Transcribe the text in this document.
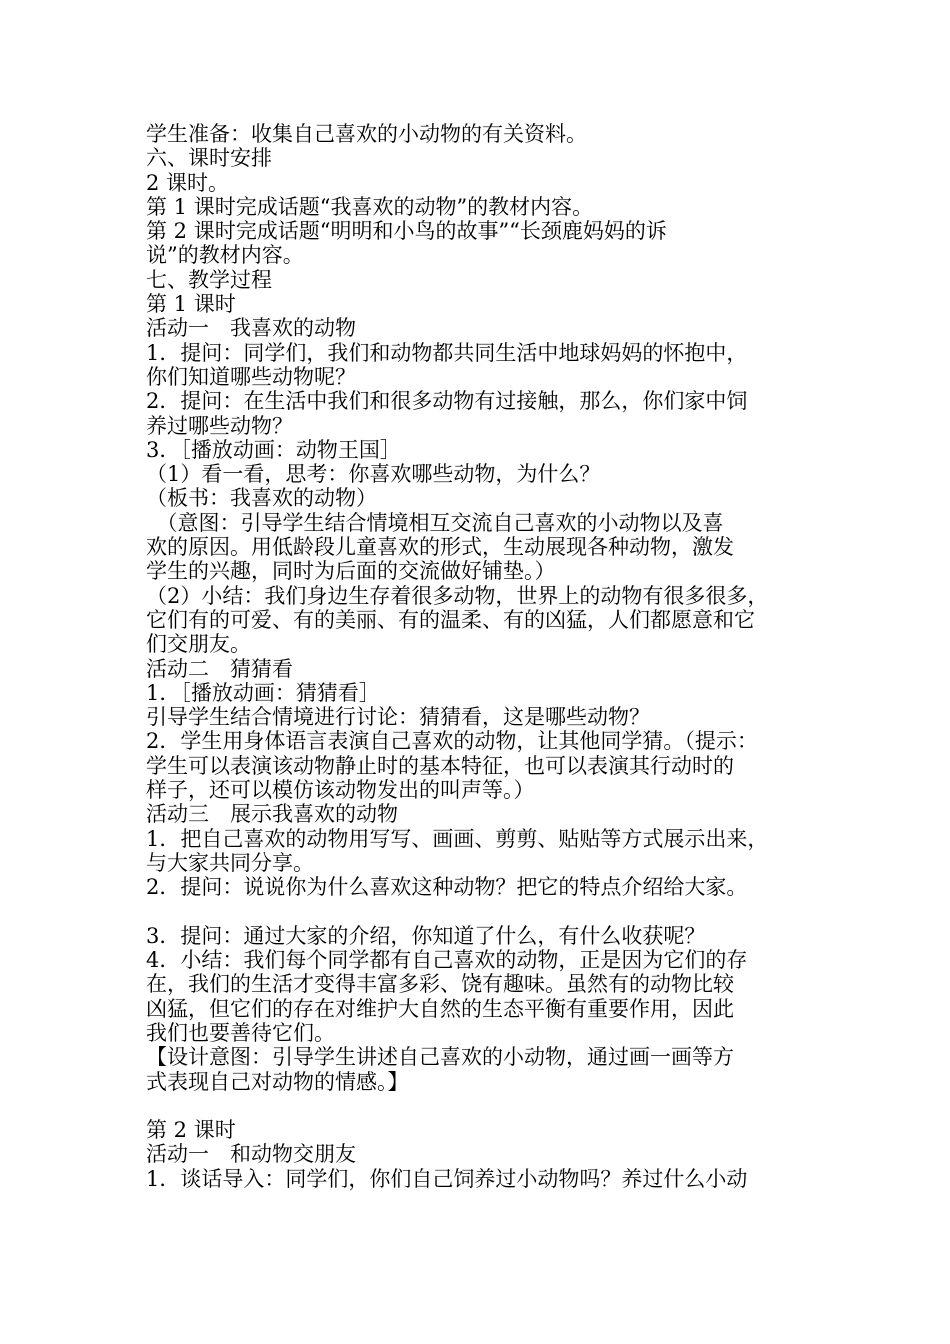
学生准备：收集自己喜欢的小动物的有关资料。
六、课时安排
2 课时。
第 1 课时完成话题“我喜欢的动物”的教材内容。
第 2 课时完成话题“明明和小鸟的故事”“长颈鹿妈妈的诉
说”的教材内容。
七、教学过程
第 1 课时
活动一　我喜欢的动物
1．提问：同学们，我们和动物都共同生活中地球妈妈的怀抱中，
你们知道哪些动物呢？
2．提问：在生活中我们和很多动物有过接触，那么，你们家中饲
养过哪些动物？
3．［播放动画：动物王国］
（1）看一看，思考：你喜欢哪些动物，为什么？
（板书：我喜欢的动物）
　（意图：引导学生结合情境相互交流自己喜欢的小动物以及喜
欢的原因。用低龄段儿童喜欢的形式，生动展现各种动物，激发
学生的兴趣，同时为后面的交流做好铺垫。）
（2）小结：我们身边生存着很多动物，世界上的动物有很多很多，
它们有的可爱、有的美丽、有的温柔、有的凶猛，人们都愿意和它
们交朋友。
活动二　猜猜看
1．［播放动画：猜猜看］
引导学生结合情境进行讨论：猜猜看，这是哪些动物？
2．学生用身体语言表演自己喜欢的动物，让其他同学猜。（提示：
学生可以表演该动物静止时的基本特征，也可以表演其行动时的
样子，还可以模仿该动物发出的叫声等。）
活动三　展示我喜欢的动物
1．把自己喜欢的动物用写写、画画、剪剪、贴贴等方式展示出来，
与大家共同分享。
2．提问：说说你为什么喜欢这种动物？把它的特点介绍给大家。
3．提问：通过大家的介绍，你知道了什么，有什么收获呢？
4．小结：我们每个同学都有自己喜欢的动物，正是因为它们的存
在，我们的生活才变得丰富多彩、饶有趣味。虽然有的动物比较
凶猛，但它们的存在对维护大自然的生态平衡有重要作用，因此
我们也要善待它们。
【设计意图：引导学生讲述自己喜欢的小动物，通过画一画等方
式表现自己对动物的情感。】
第 2 课时
活动一　和动物交朋友
1．谈话导入：同学们，你们自己饲养过小动物吗？养过什么小动
